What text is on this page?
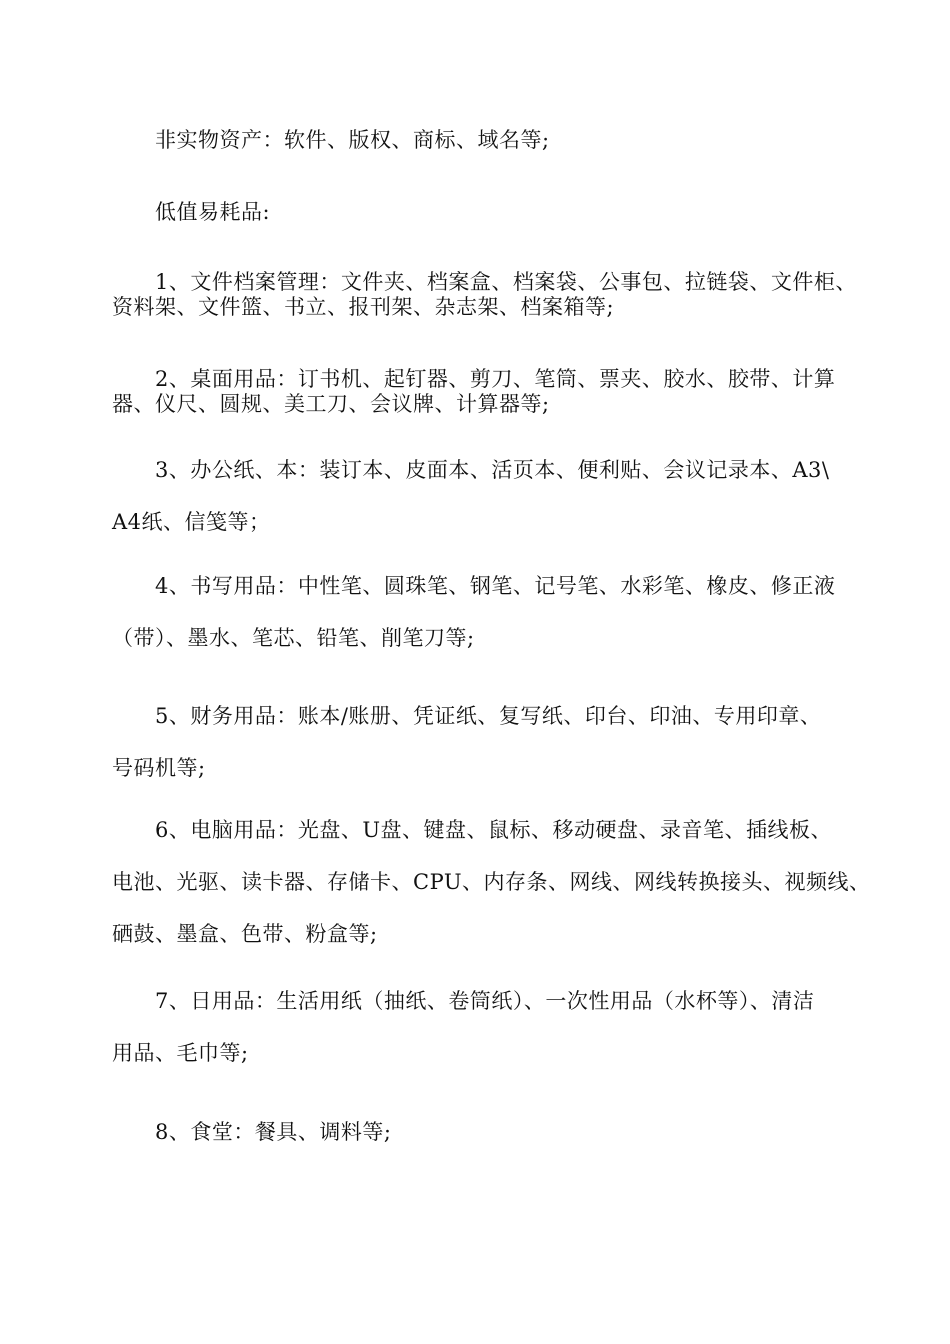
　　非实物资产：软件、版权、商标、域名等;
　　低值易耗品:
　　1、文件档案管理：文件夹、档案盒、档案袋、公事包、拉链袋、文件柜、
资料架、文件篮、书立、报刊架、杂志架、档案箱等;
　　2、桌面用品：订书机、起钉器、剪刀、笔筒、票夹、胶水、胶带、计算
器、仪尺、圆规、美工刀、会议牌、计算器等;
　　3、办公纸、本：装订本、皮面本、活页本、便利贴、会议记录本、A3\
A4纸、信笺等；
　　4、书写用品：中性笔、圆珠笔、钢笔、记号笔、水彩笔、橡皮、修正液
（带）、墨水、笔芯、铅笔、削笔刀等;
　　5、财务用品：账本/账册、凭证纸、复写纸、印台、印油、专用印章、
号码机等;
　　6、电脑用品：光盘、U盘、键盘、鼠标、移动硬盘、录音笔、插线板、
电池、光驱、读卡器、存储卡、CPU、内存条、网线、网线转换接头、视频线、
硒鼓、墨盒、色带、粉盒等;
　　7、日用品：生活用纸（抽纸、卷筒纸）、一次性用品（水杯等）、清洁
用品、毛巾等;
　　8、食堂：餐具、调料等;
